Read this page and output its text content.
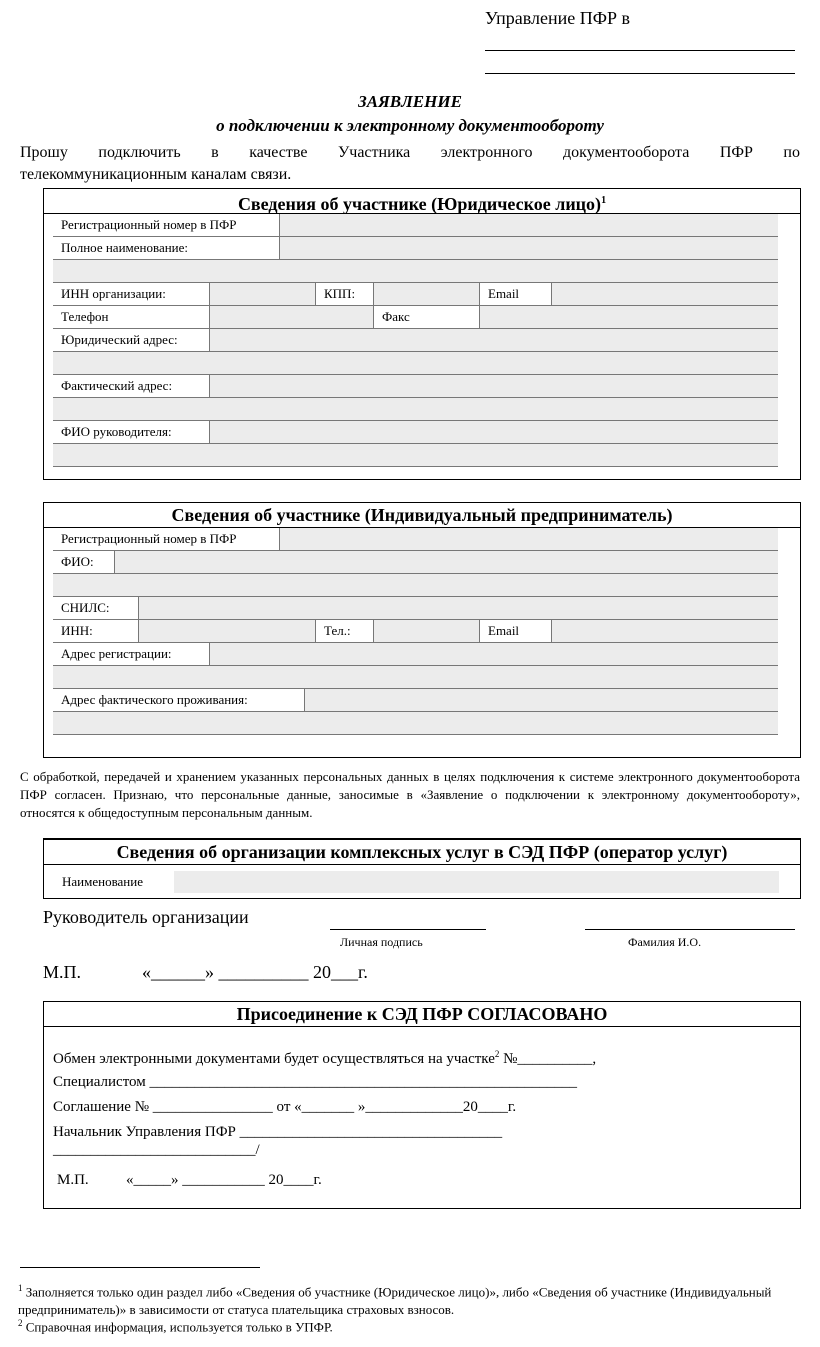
Управление ПФР в
ЗАЯВЛЕНИЕ
о подключении к электронному документообороту
Прошу подключить в качестве Участника электронного документооборота ПФР по
телекоммуникационным каналам связи.
Сведения об участнике (Юридическое лицо)$^1$
Регистрационный номер в ПФР
Полное наименование:
ИНН организации:	КПП:	Email
Телефон	Факс
Юридический адрес:
Фактический адрес:
ФИО руководителя:
Сведения об участнике (Индивидуальный предприниматель)
Регистрационный номер в ПФР
ФИО:
СНИЛС:
ИНН:	Тел.:	Email
Адрес регистрации:
Адрес фактического проживания:
С обработкой, передачей и хранением указанных персональных данных в целях подключения к системе электронного документооборота ПФР согласен. Признаю, что персональные данные, заносимые в «Заявление о подключении к электронному документообороту», относятся к общедоступным персональным данным.
Сведения об организации комплексных услуг в СЭД ПФР (оператор услуг)
Наименование
Руководитель организации
Личная подпись	Фамилия И.О.
М.П.	«______» __________ 20___г.
Присоединение к СЭД ПФР СОГЛАСОВАНО
Обмен электронными документами будет осуществляться на участке$^2$ №__________,
Специалистом _________________________________________________________
Соглашение № ________________ от «_______ »_____________20____г.
Начальник Управления ПФР ___________________________________
___________________________/
М.П. «_____» ___________ 20____г.
$^1$ Заполняется только один раздел либо «Сведения об участнике (Юридическое лицо)», либо «Сведения об участнике (Индивидуальный предприниматель)» в зависимости от статуса плательщика страховых взносов.
$^2$ Справочная информация, используется только в УПФР.
